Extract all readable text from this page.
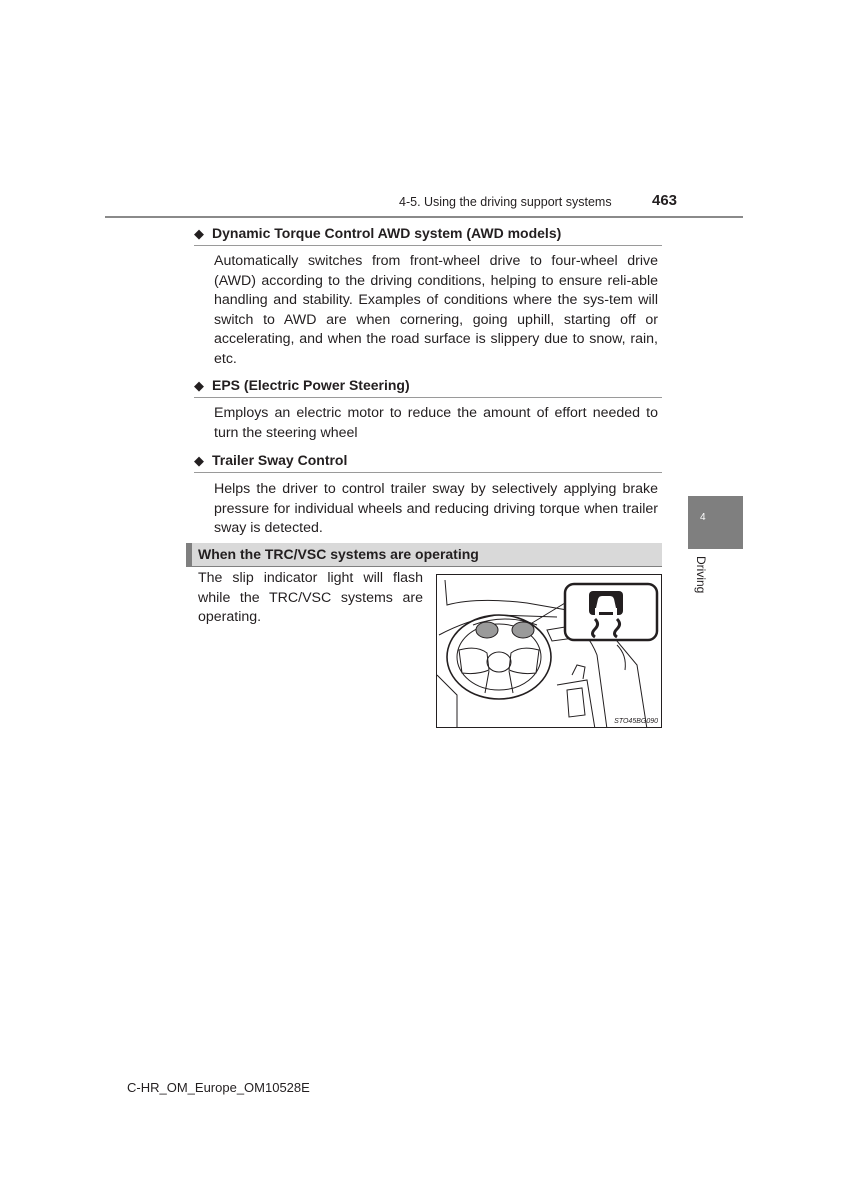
4-5. Using the driving support systems	463
◆ Dynamic Torque Control AWD system (AWD models)

Automatically switches from front-wheel drive to four-wheel drive (AWD) according to the driving conditions, helping to ensure reli-able handling and stability. Examples of conditions where the sys-tem will switch to AWD are when cornering, going uphill, starting off or accelerating, and when the road surface is slippery due to snow, rain, etc.

◆ EPS (Electric Power Steering)

Employs an electric motor to reduce the amount of effort needed to turn the steering wheel

◆ Trailer Sway Control

Helps the driver to control trailer sway by selectively applying brake pressure for individual wheels and reducing driving torque when trailer sway is detected.

4
Driving
When the TRC/VSC systems are operating

The slip indicator light will flash while the TRC/VSC systems are operating.

STO45BG090
C-HR_OM_Europe_OM10528E
